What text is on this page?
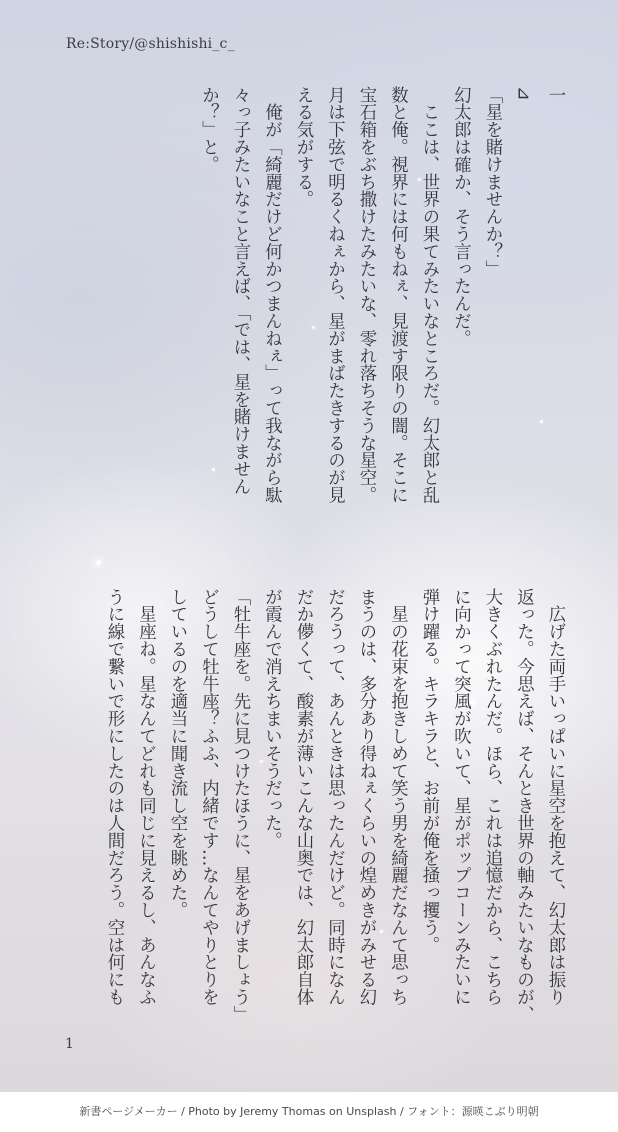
Re:Story/@shishishi_c_
一
⊿
「星を賭けませんか？」
幻太郎は確か、そう言ったんだ。
　ここは、世界の果てみたいなところだ。幻太郎と乱
数と俺。視界には何もねぇ、見渡す限りの闇。そこに
宝石箱をぶち撒けたみたいな、零れ落ちそうな星空。
月は下弦で明るくねぇから、星がまばたきするのが見
える気がする。
　俺が「綺麗だけど何かつまんねぇ」って我ながら駄
々っ子みたいなこと言えば、「では、星を賭けません
か？」と。
　広げた両手いっぱいに星空を抱えて、幻太郎は振り
返った。今思えば、そんとき世界の軸みたいなものが、
大きくぶれたんだ。ほら、これは追憶だから、こちら
に向かって突風が吹いて、星がポップコーンみたいに
弾け躍る。キラキラと、お前が俺を掻っ攫う。
　星の花束を抱きしめて笑う男を綺麗だなんて思っち
まうのは、多分あり得ねぇくらいの煌めきがみせる幻
だろうって、あんときは思ったんだけど。同時になん
だか儚くて、酸素が薄いこんな山奥では、幻太郎自体
が霞んで消えちまいそうだった。
「牡牛座を。先に見つけたほうに、星をあげましょう」
どうして牡牛座？ふふ、内緒です…なんてやりとりを
しているのを適当に聞き流し空を眺めた。
　星座ね。星なんてどれも同じに見えるし、あんなふ
うに線で繋いで形にしたのは人間だろう。空は何にも
1
新書ページメーカー / Photo by Jeremy Thomas on Unsplash / フォント：源暎こぶり明朝
